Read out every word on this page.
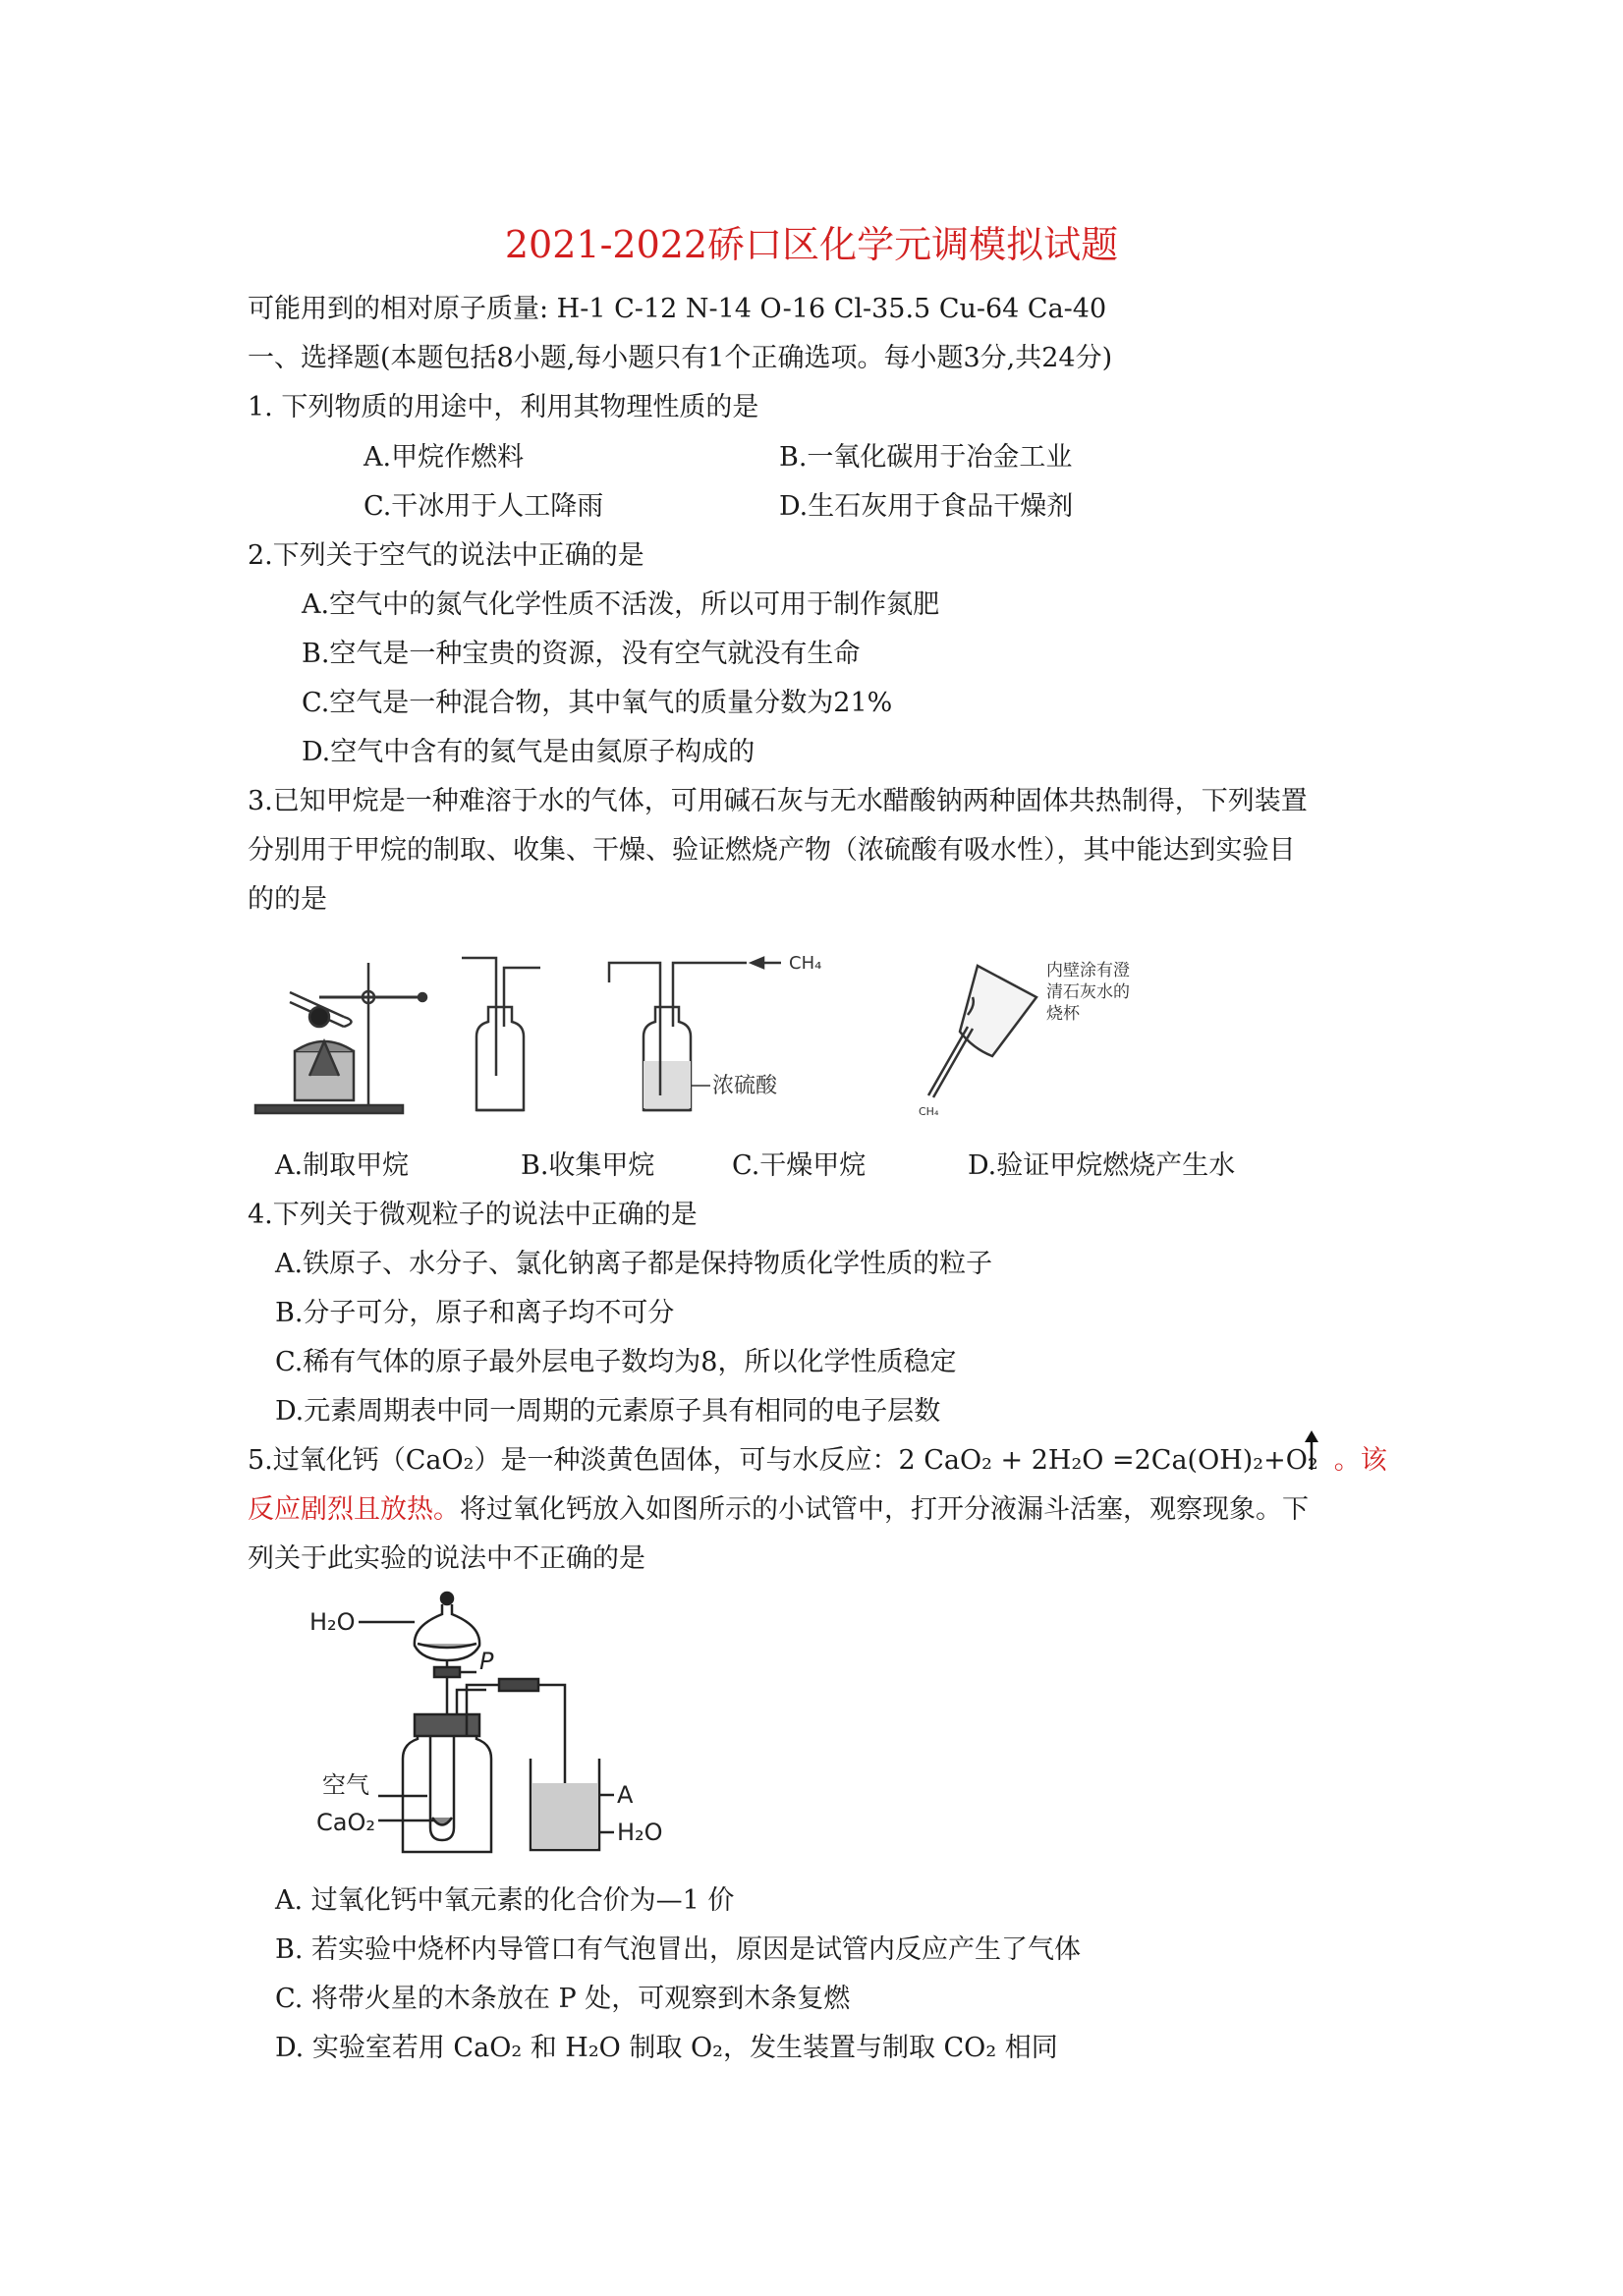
2021-2022硚口区化学元调模拟试题
可能用到的相对原子质量: H-1 C-12 N-14 O-16 Cl-35.5 Cu-64 Ca-40
一、选择题(本题包括8小题,每小题只有1个正确选项。每小题3分,共24分)
1. 下列物质的用途中，利用其物理性质的是
A.甲烷作燃料	B.一氧化碳用于冶金工业
C.干冰用于人工降雨	D.生石灰用于食品干燥剂
2.下列关于空气的说法中正确的是
A.空气中的氮气化学性质不活泼，所以可用于制作氮肥
B.空气是一种宝贵的资源，没有空气就没有生命
C.空气是一种混合物，其中氧气的质量分数为21%
D.空气中含有的氦气是由氦原子构成的
3.已知甲烷是一种难溶于水的气体，可用碱石灰与无水醋酸钠两种固体共热制得，下列装置
分别用于甲烷的制取、收集、干燥、验证燃烧产物（浓硫酸有吸水性），其中能达到实验目
的的是
CH₄
浓硫酸
内壁涂有澄
清石灰水的
烧杯
CH₄
A.制取甲烷	B.收集甲烷	C.干燥甲烷	D.验证甲烷燃烧产生水
4.下列关于微观粒子的说法中正确的是
A.铁原子、水分子、氯化钠离子都是保持物质化学性质的粒子
B.分子可分，原子和离子均不可分
C.稀有气体的原子最外层电子数均为8，所以化学性质稳定
D.元素周期表中同一周期的元素原子具有相同的电子层数
5.过氧化钙（CaO₂）是一种淡黄色固体，可与水反应：2 CaO₂ + 2H₂O =2Ca(OH)₂+O₂ 。该
反应剧烈且放热。将过氧化钙放入如图所示的小试管中，打开分液漏斗活塞，观察现象。下
列关于此实验的说法中不正确的是
H₂O
P
空气
CaO₂
A
H₂O
A. 过氧化钙中氧元素的化合价为—1 价
B. 若实验中烧杯内导管口有气泡冒出，原因是试管内反应产生了气体
C. 将带火星的木条放在 P 处，可观察到木条复燃
D. 实验室若用 CaO₂ 和 H₂O 制取 O₂，发生装置与制取 CO₂ 相同
